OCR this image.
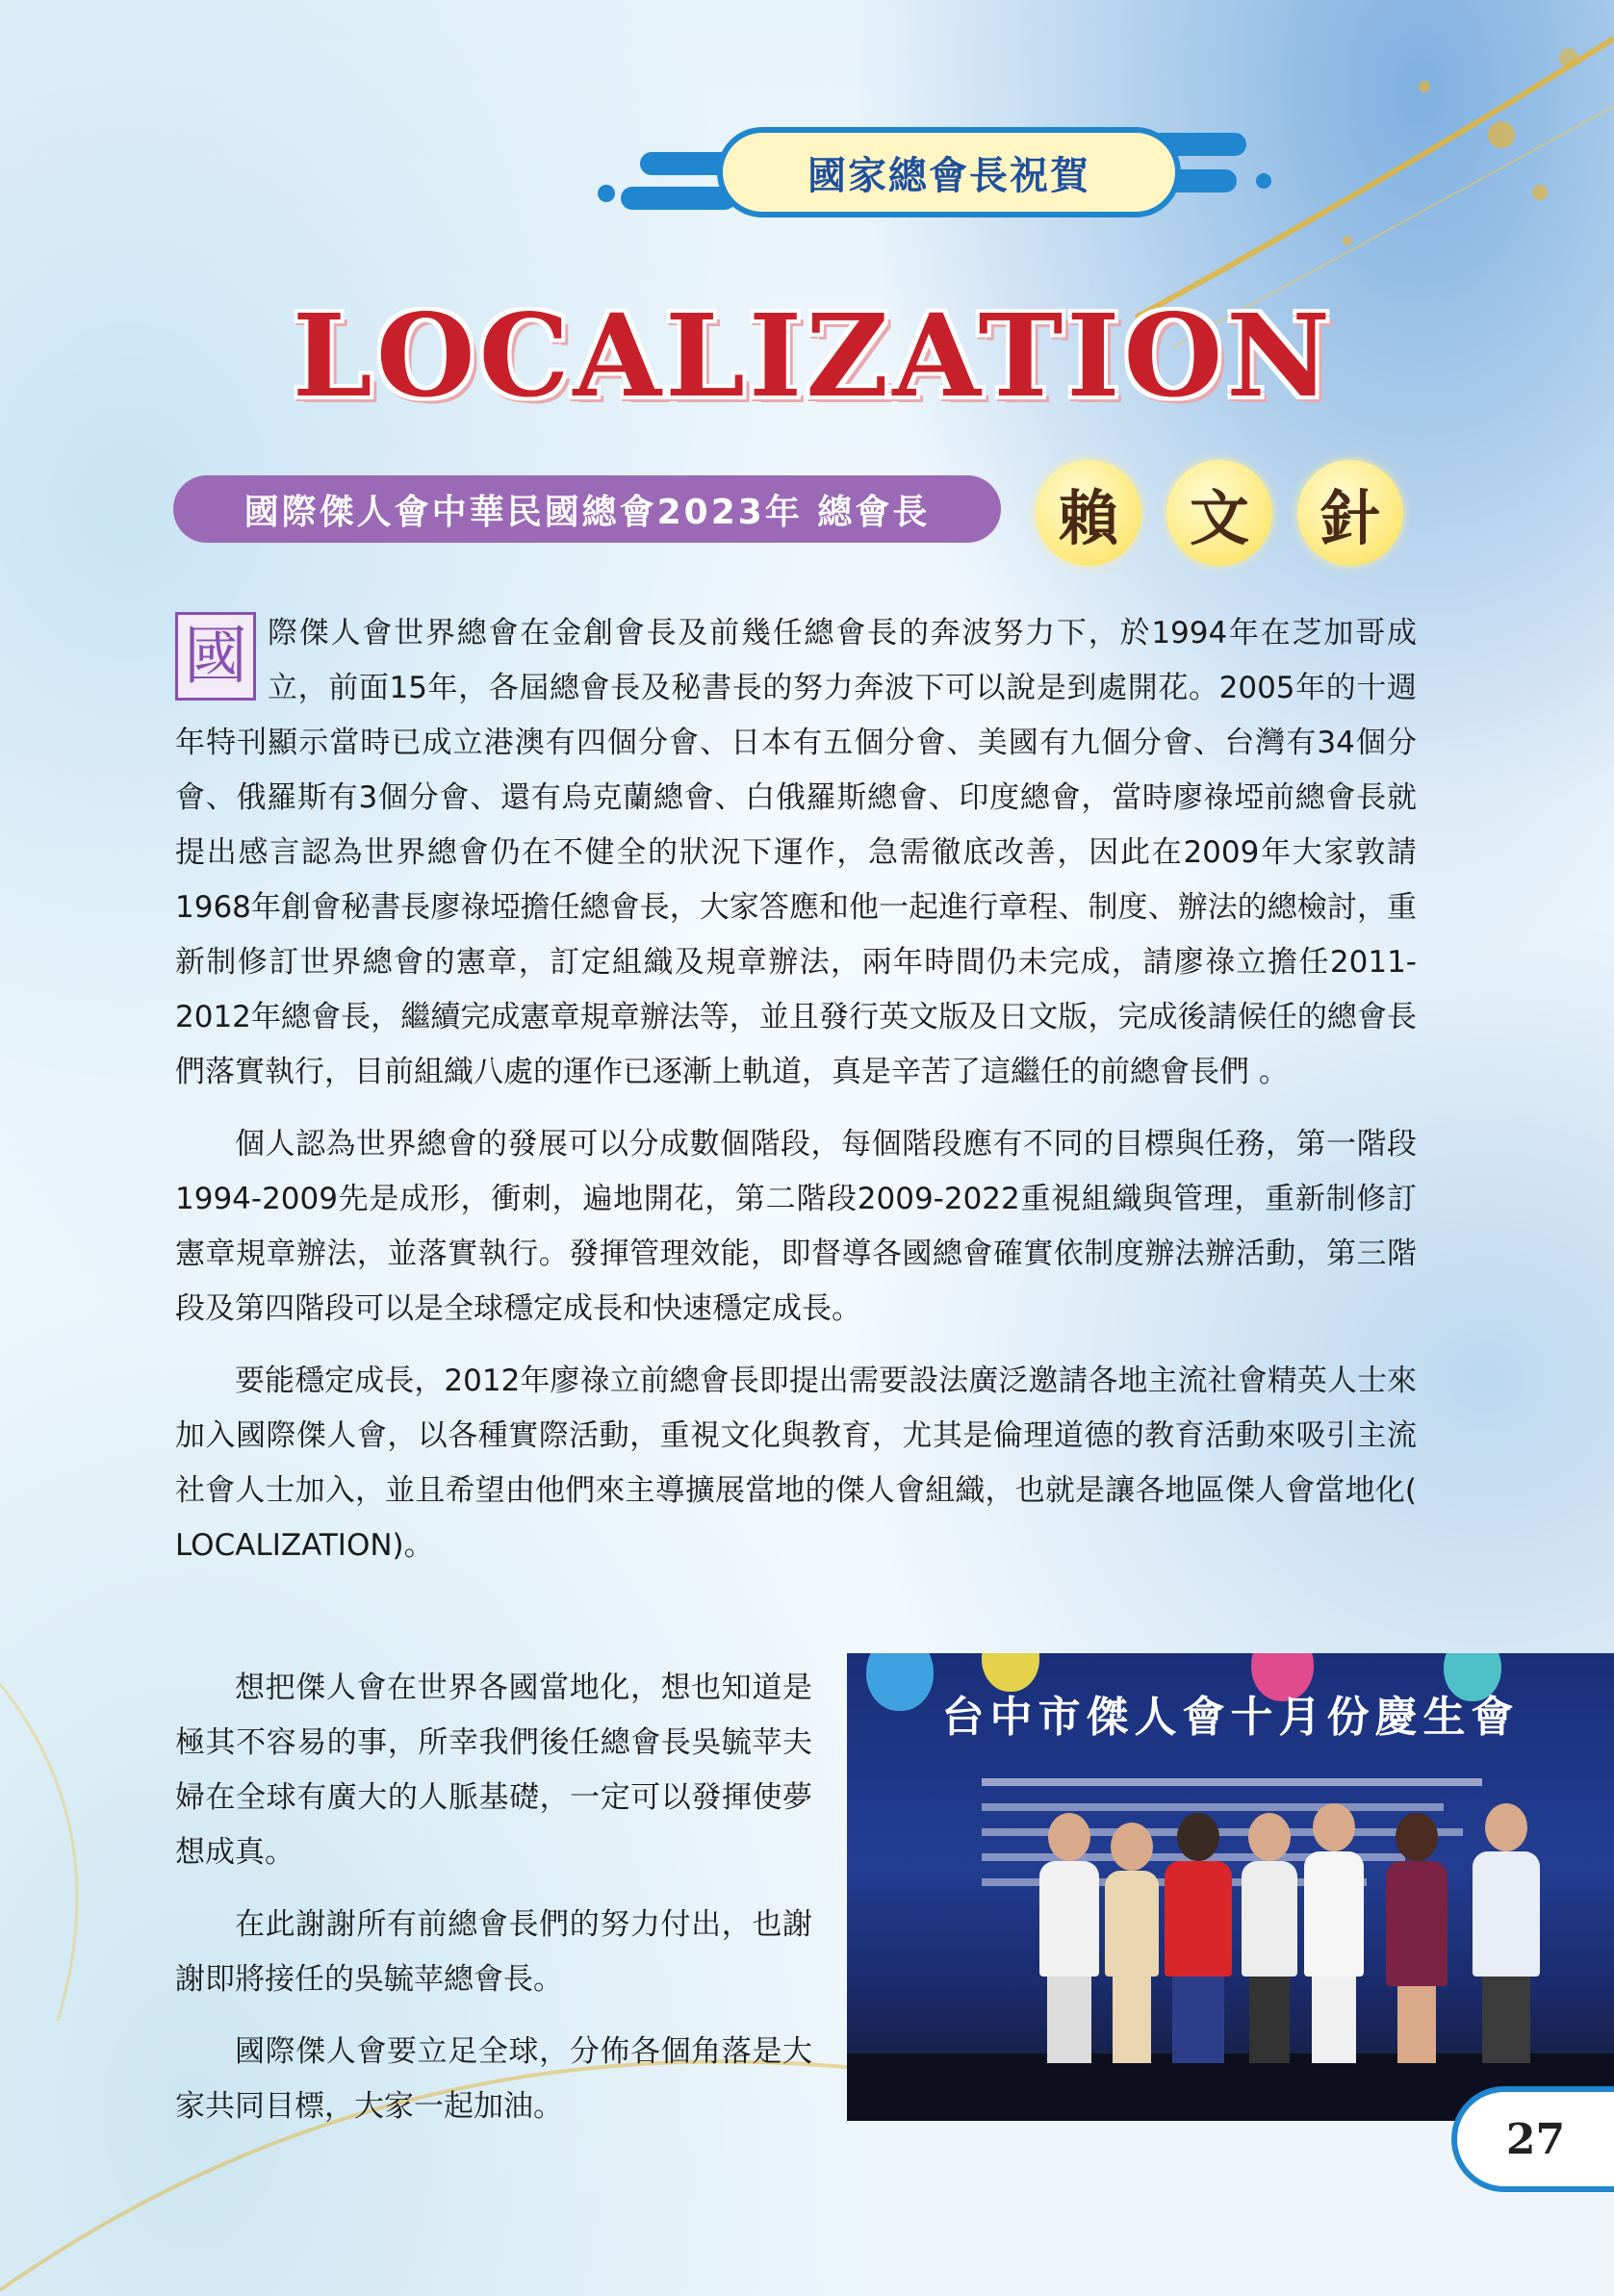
國家總會長祝賀
LOCALIZATION
國際傑人會中華民國總會2023年 總會長	賴	文	針

國 際傑人會世界總會在金創會長及前幾任總會長的奔波努力下，於1994年在芝加哥成立，前面15年，各屆總會長及秘書長的努力奔波下可以說是到處開花。2005年的十週年特刊顯示當時已成立港澳有四個分會、日本有五個分會、美國有九個分會、台灣有34個分會、俄羅斯有3個分會、還有烏克蘭總會、白俄羅斯總會、印度總會，當時廖祿埡前總會長就提出感言認為世界總會仍在不健全的狀況下運作，急需徹底改善，因此在2009年大家敦請1968年創會秘書長廖祿埡擔任總會長，大家答應和他一起進行章程、制度、辦法的總檢討，重新制修訂世界總會的憲章，訂定組織及規章辦法，兩年時間仍未完成，請廖祿立擔任2011-2012年總會長，繼續完成憲章規章辦法等，並且發行英文版及日文版，完成後請候任的總會長們落實執行，目前組織八處的運作已逐漸上軌道，真是辛苦了這繼任的前總會長們 。

個人認為世界總會的發展可以分成數個階段，每個階段應有不同的目標與任務，第一階段1994-2009先是成形，衝刺，遍地開花，第二階段2009-2022重視組織與管理，重新制修訂憲章規章辦法，並落實執行。發揮管理效能，即督導各國總會確實依制度辦法辦活動，第三階段及第四階段可以是全球穩定成長和快速穩定成長。

要能穩定成長，2012年廖祿立前總會長即提出需要設法廣泛邀請各地主流社會精英人士來加入國際傑人會，以各種實際活動，重視文化與教育，尤其是倫理道德的教育活動來吸引主流社會人士加入，並且希望由他們來主導擴展當地的傑人會組織，也就是讓各地區傑人會當地化( LOCALIZATION)。

想把傑人會在世界各國當地化，想也知道是極其不容易的事，所幸我們後任總會長吳毓苹夫婦在全球有廣大的人脈基礎，一定可以發揮使夢想成真。

在此謝謝所有前總會長們的努力付出，也謝謝即將接任的吳毓苹總會長。

國際傑人會要立足全球，分佈各個角落是大家共同目標，大家一起加油。

台中市傑人會十月份慶生會
27
